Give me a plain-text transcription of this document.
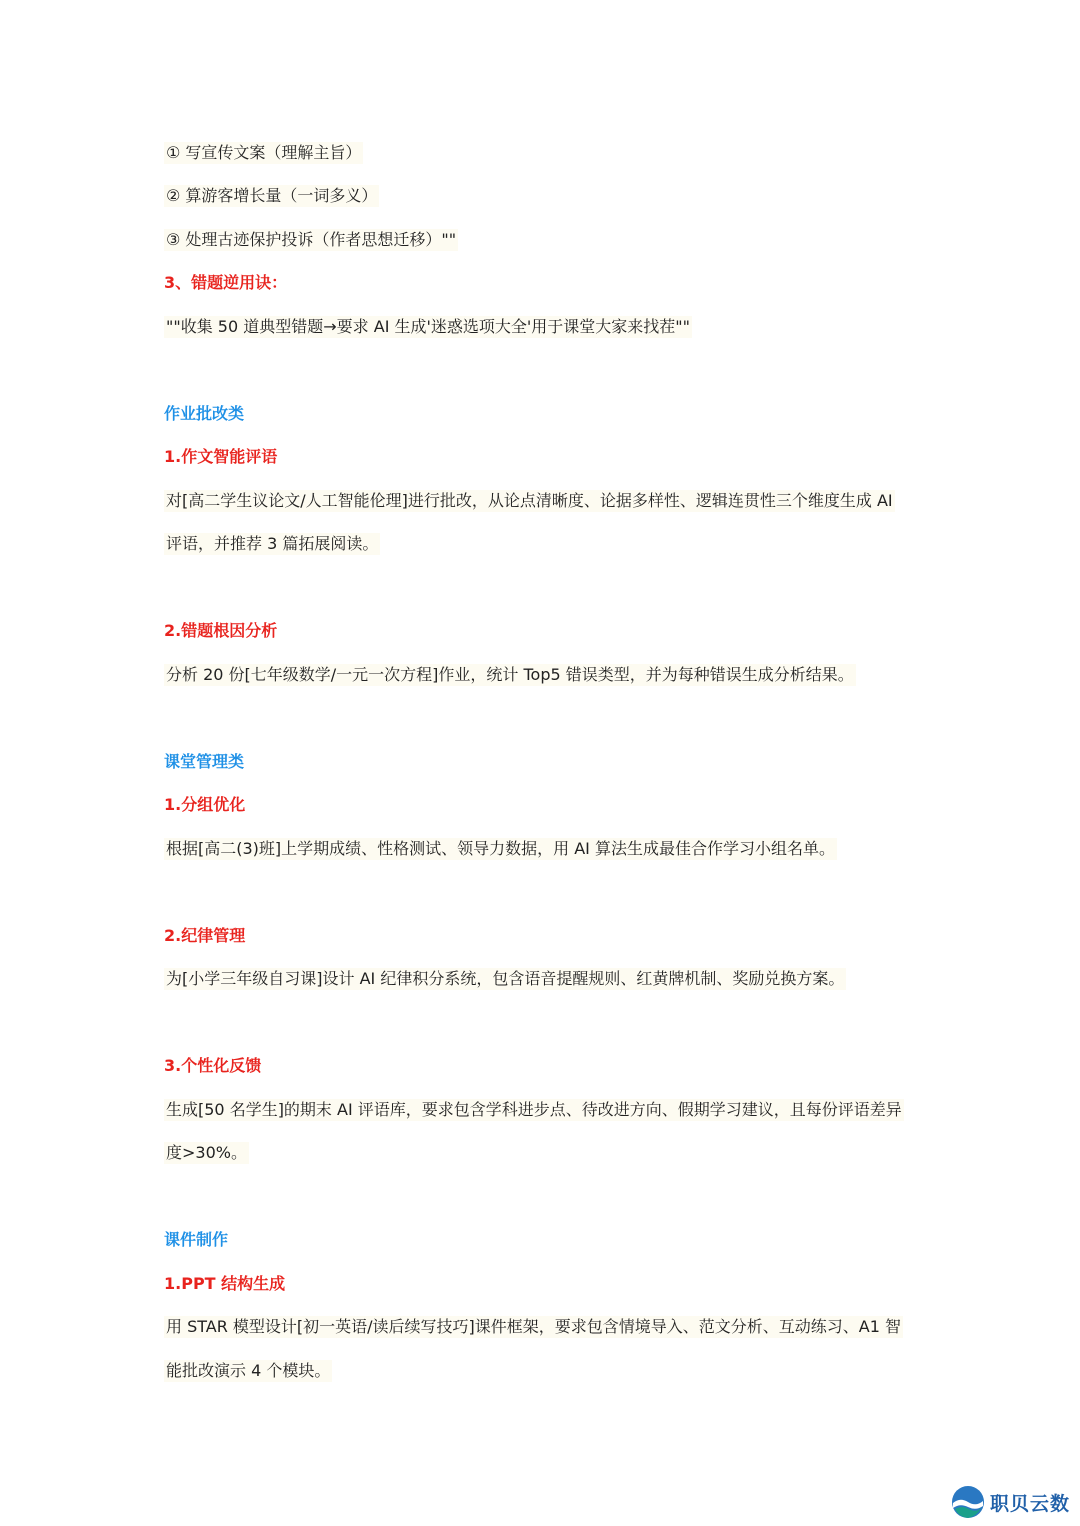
① 写宣传文案（理解主旨）
② 算游客增长量（一词多义）
③ 处理古迹保护投诉（作者思想迁移）""
3、错题逆用诀：
""收集 50 道典型错题→要求 AI 生成'迷惑选项大全'用于课堂大家来找茬""
作业批改类
1.作文智能评语
对[高二学生议论文/人工智能伦理]进行批改，从论点清晰度、论据多样性、逻辑连贯性三个维度生成 AI
评语，并推荐 3 篇拓展阅读。
2.错题根因分析
分析 20 份[七年级数学/一元一次方程]作业，统计 Top5 错误类型，并为每种错误生成分析结果。
课堂管理类
1.分组优化
根据[高二(3)班]上学期成绩、性格测试、领导力数据，用 AI 算法生成最佳合作学习小组名单。
2.纪律管理
为[小学三年级自习课]设计 AI 纪律积分系统，包含语音提醒规则、红黄牌机制、奖励兑换方案。
3.个性化反馈
生成[50 名学生]的期末 AI 评语库，要求包含学科进步点、待改进方向、假期学习建议，且每份评语差异
度>30%。
课件制作
1.PPT 结构生成
用 STAR 模型设计[初一英语/读后续写技巧]课件框架，要求包含情境导入、范文分析、互动练习、A1 智
能批改演示 4 个模块。
职贝云数
